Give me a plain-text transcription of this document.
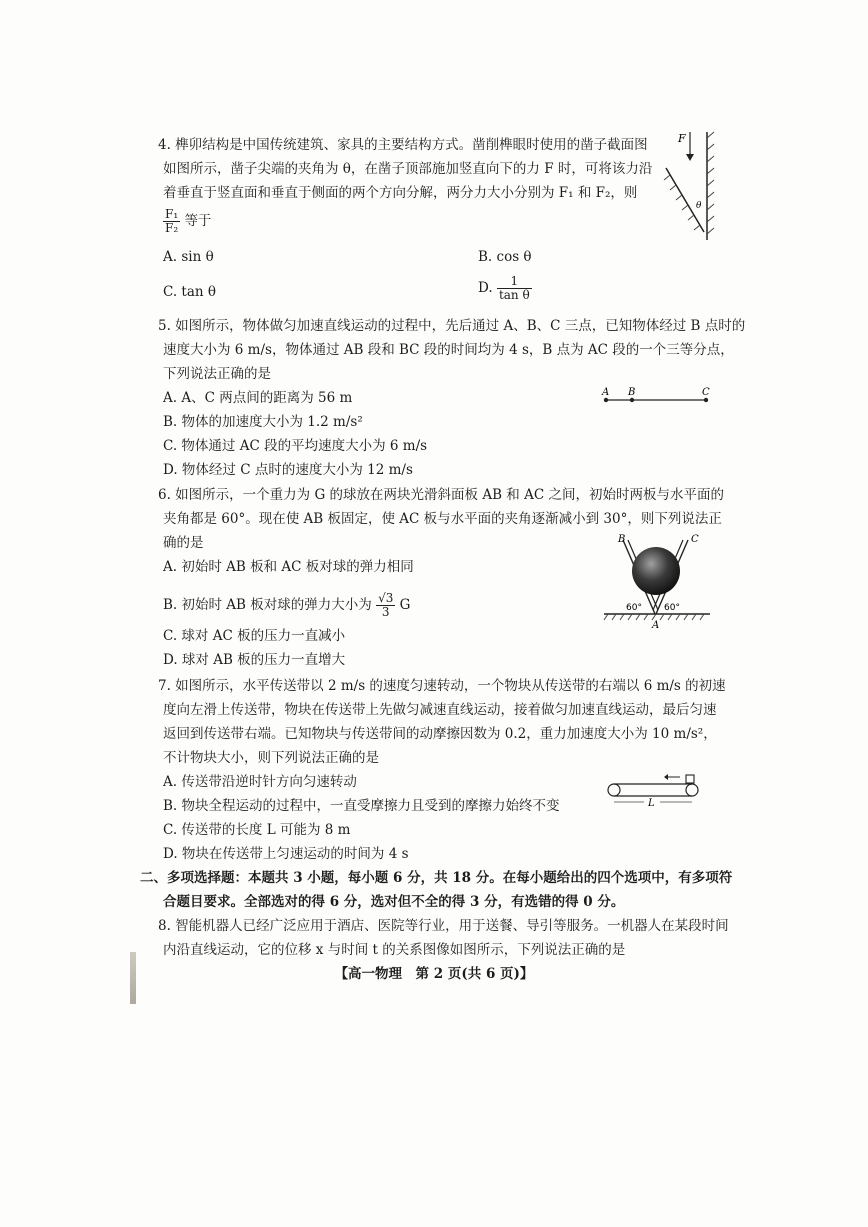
4. 榫卯结构是中国传统建筑、家具的主要结构方式。凿削榫眼时使用的凿子截面图
如图所示，凿子尖端的夹角为 θ，在凿子顶部施加竖直向下的力 F 时，可将该力沿
着垂直于竖直面和垂直于侧面的两个方向分解，两分力大小分别为 F₁ 和 F₂，则
$\frac{\text{F₁}}{\text{F₂}}$ 等于
A. sin θ	B. cos θ
C. tan θ	D. $\frac{1}{\text{tan θ}}$
F
θ
5. 如图所示，物体做匀加速直线运动的过程中，先后通过 A、B、C 三点，已知物体经过 B 点时的
速度大小为 6 m/s，物体通过 AB 段和 BC 段的时间均为 4 s，B 点为 AC 段的一个三等分点，
下列说法正确的是
A. A、C 两点间的距离为 56 m
B. 物体的加速度大小为 1.2 m/s²
C. 物体通过 AC 段的平均速度大小为 6 m/s
D. 物体经过 C 点时的速度大小为 12 m/s
A B	C
6. 如图所示，一个重力为 G 的球放在两块光滑斜面板 AB 和 AC 之间，初始时两板与水平面的
夹角都是 60°。现在使 AB 板固定，使 AC 板与水平面的夹角逐渐减小到 30°，则下列说法正
确的是
A. 初始时 AB 板和 AC 板对球的弹力相同
B. 初始时 AB 板对球的弹力大小为 $\frac{√3}{3}$ G
C. 球对 AC 板的压力一直减小
D. 球对 AB 板的压力一直增大
B	C
A
60° 60°
7. 如图所示，水平传送带以 2 m/s 的速度匀速转动，一个物块从传送带的右端以 6 m/s 的初速
度向左滑上传送带，物块在传送带上先做匀减速直线运动，接着做匀加速直线运动，最后匀速
返回到传送带右端。已知物块与传送带间的动摩擦因数为 0.2，重力加速度大小为 10 m/s²，
不计物块大小，则下列说法正确的是
A. 传送带沿逆时针方向匀速转动
B. 物块全程运动的过程中，一直受摩擦力且受到的摩擦力始终不变
C. 传送带的长度 L 可能为 8 m
D. 物块在传送带上匀速运动的时间为 4 s
L
二、多项选择题：本题共 3 小题，每小题 6 分，共 18 分。在每小题给出的四个选项中，有多项符
合题目要求。全部选对的得 6 分，选对但不全的得 3 分，有选错的得 0 分。
8. 智能机器人已经广泛应用于酒店、医院等行业，用于送餐、导引等服务。一机器人在某段时间
内沿直线运动，它的位移 x 与时间 t 的关系图像如图所示，下列说法正确的是
【高一物理　第 2 页(共 6 页)】
